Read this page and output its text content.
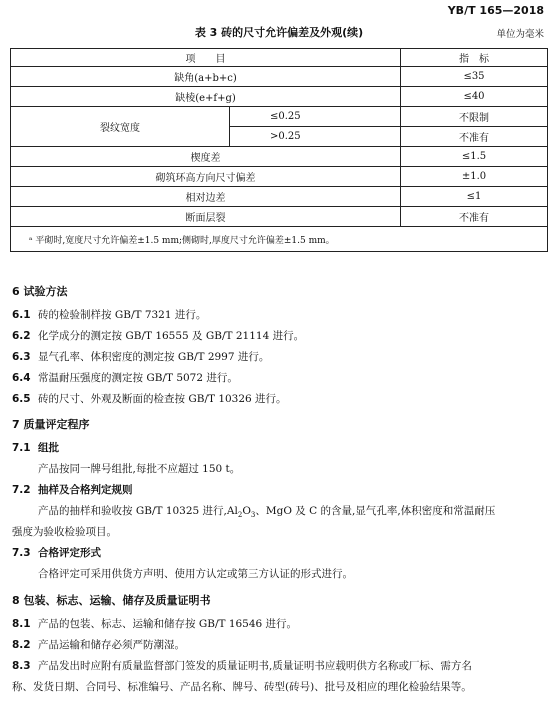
YB/T 165—2018
表 3 砖的尺寸允许偏差及外观(续)	单位为毫米
项　　目		指　标
缺角(a+b+c)		≤35
缺棱(e+f+g)		≤40
裂纹宽度	≤0.25	不限制
	>0.25	不准有
楔度差		≤1.5
砌筑环高方向尺寸偏差		±1.0
相对边差		≤1
断面层裂		不准有
ᵃ 平砌时,宽度尺寸允许偏差±1.5 mm;侧砌时,厚度尺寸允许偏差±1.5 mm。		
6 试验方法
6.1 砖的检验制样按 GB/T 7321 进行。
6.2 化学成分的测定按 GB/T 16555 及 GB/T 21114 进行。
6.3 显气孔率、体积密度的测定按 GB/T 2997 进行。
6.4 常温耐压强度的测定按 GB/T 5072 进行。
6.5 砖的尺寸、外观及断面的检查按 GB/T 10326 进行。
7 质量评定程序
7.1 组批
产品按同一牌号组批,每批不应超过 150 t。
7.2 抽样及合格判定规则
产品的抽样和验收按 GB/T 10325 进行$,Al_2O_3$、MgO 及 C 的含量,显气孔率,体积密度和常温耐压
强度为验收检验项目。
7.3 合格评定形式
合格评定可采用供货方声明、使用方认定或第三方认证的形式进行。
8 包装、标志、运输、储存及质量证明书
8.1 产品的包装、标志、运输和储存按 GB/T 16546 进行。
8.2 产品运输和储存必须严防潮湿。
8.3 产品发出时应附有质量监督部门签发的质量证明书,质量证明书应载明供方名称或厂标、需方名
称、发货日期、合同号、标准编号、产品名称、牌号、砖型(砖号)、批号及相应的理化检验结果等。
